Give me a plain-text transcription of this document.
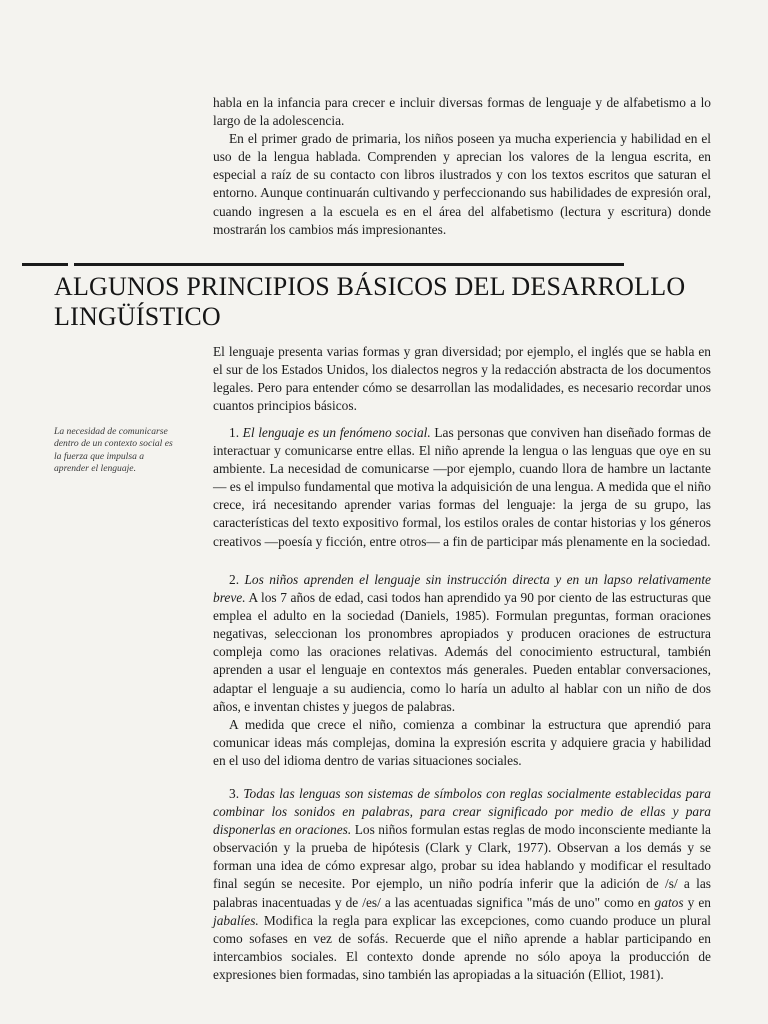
habla en la infancia para crecer e incluir diversas formas de lenguaje y de alfabetismo a lo largo de la adolescencia.

En el primer grado de primaria, los niños poseen ya mucha experiencia y habilidad en el uso de la lengua hablada. Comprenden y aprecian los valores de la lengua escrita, en especial a raíz de su contacto con libros ilustrados y con los textos escritos que saturan el entorno. Aunque continuarán cultivando y perfeccionando sus habilidades de expresión oral, cuando ingresen a la escuela es en el área del alfabetismo (lectura y escritura) donde mostrarán los cambios más impresionantes.

ALGUNOS PRINCIPIOS BÁSICOS DEL DESARROLLO LINGÜÍSTICO

El lenguaje presenta varias formas y gran diversidad; por ejemplo, el inglés que se habla en el sur de los Estados Unidos, los dialectos negros y la redacción abstracta de los documentos legales. Pero para entender cómo se desarrollan las modalidades, es necesario recordar unos cuantos principios básicos.

La necesidad de comunicarse dentro de un contexto social es la fuerza que impulsa a aprender el lenguaje.

1. El lenguaje es un fenómeno social. Las personas que conviven han diseñado formas de interactuar y comunicarse entre ellas. El niño aprende la lengua o las lenguas que oye en su ambiente. La necesidad de comunicarse —por ejemplo, cuando llora de hambre un lactante— es el impulso fundamental que motiva la adquisición de una lengua. A medida que el niño crece, irá necesitando aprender varias formas del lenguaje: la jerga de su grupo, las características del texto expositivo formal, los estilos orales de contar historias y los géneros creativos —poesía y ficción, entre otros— a fin de participar más plenamente en la sociedad.

2. Los niños aprenden el lenguaje sin instrucción directa y en un lapso relativamente breve. A los 7 años de edad, casi todos han aprendido ya 90 por ciento de las estructuras que emplea el adulto en la sociedad (Daniels, 1985). Formulan preguntas, forman oraciones negativas, seleccionan los pronombres apropiados y producen oraciones de estructura compleja como las oraciones relativas. Además del conocimiento estructural, también aprenden a usar el lenguaje en contextos más generales. Pueden entablar conversaciones, adaptar el lenguaje a su audiencia, como lo haría un adulto al hablar con un niño de dos años, e inventan chistes y juegos de palabras.

A medida que crece el niño, comienza a combinar la estructura que aprendió para comunicar ideas más complejas, domina la expresión escrita y adquiere gracia y habilidad en el uso del idioma dentro de varias situaciones sociales.

3. Todas las lenguas son sistemas de símbolos con reglas socialmente establecidas para combinar los sonidos en palabras, para crear significado por medio de ellas y para disponerlas en oraciones. Los niños formulan estas reglas de modo inconsciente mediante la observación y la prueba de hipótesis (Clark y Clark, 1977). Observan a los demás y se forman una idea de cómo expresar algo, probar su idea hablando y modificar el resultado final según se necesite. Por ejemplo, un niño podría inferir que la adición de /s/ a las palabras inacentuadas y de /es/ a las acentuadas significa "más de uno" como en gatos y en jabalíes. Modifica la regla para explicar las excepciones, como cuando produce un plural como sofases en vez de sofás. Recuerde que el niño aprende a hablar participando en intercambios sociales. El contexto donde aprende no sólo apoya la producción de expresiones bien formadas, sino también las apropiadas a la situación (Elliot, 1981).
